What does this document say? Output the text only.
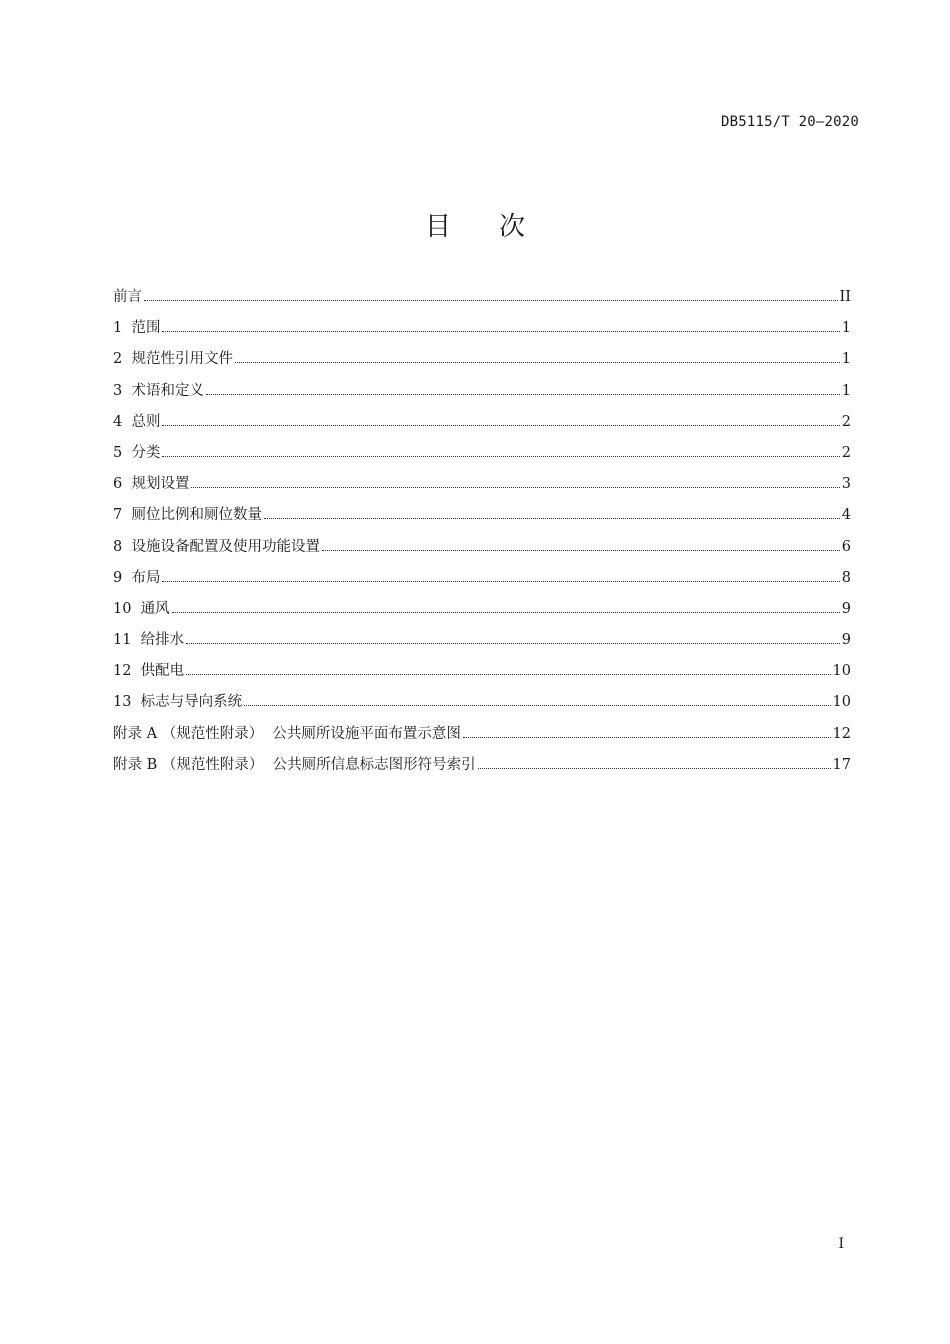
DB5115/T 20—2020
目 次
前言	II
1  范围	1
2  规范性引用文件	1
3  术语和定义	1
4  总则	2
5  分类	2
6  规划设置	3
7  厕位比例和厕位数量	4
8  设施设备配置及使用功能设置	6
9  布局	8
10  通风	9
11  给排水	9
12  供配电	10
13  标志与导向系统	10
附录 A （规范性附录）  公共厕所设施平面布置示意图	12
附录 B （规范性附录）  公共厕所信息标志图形符号索引	17
I
